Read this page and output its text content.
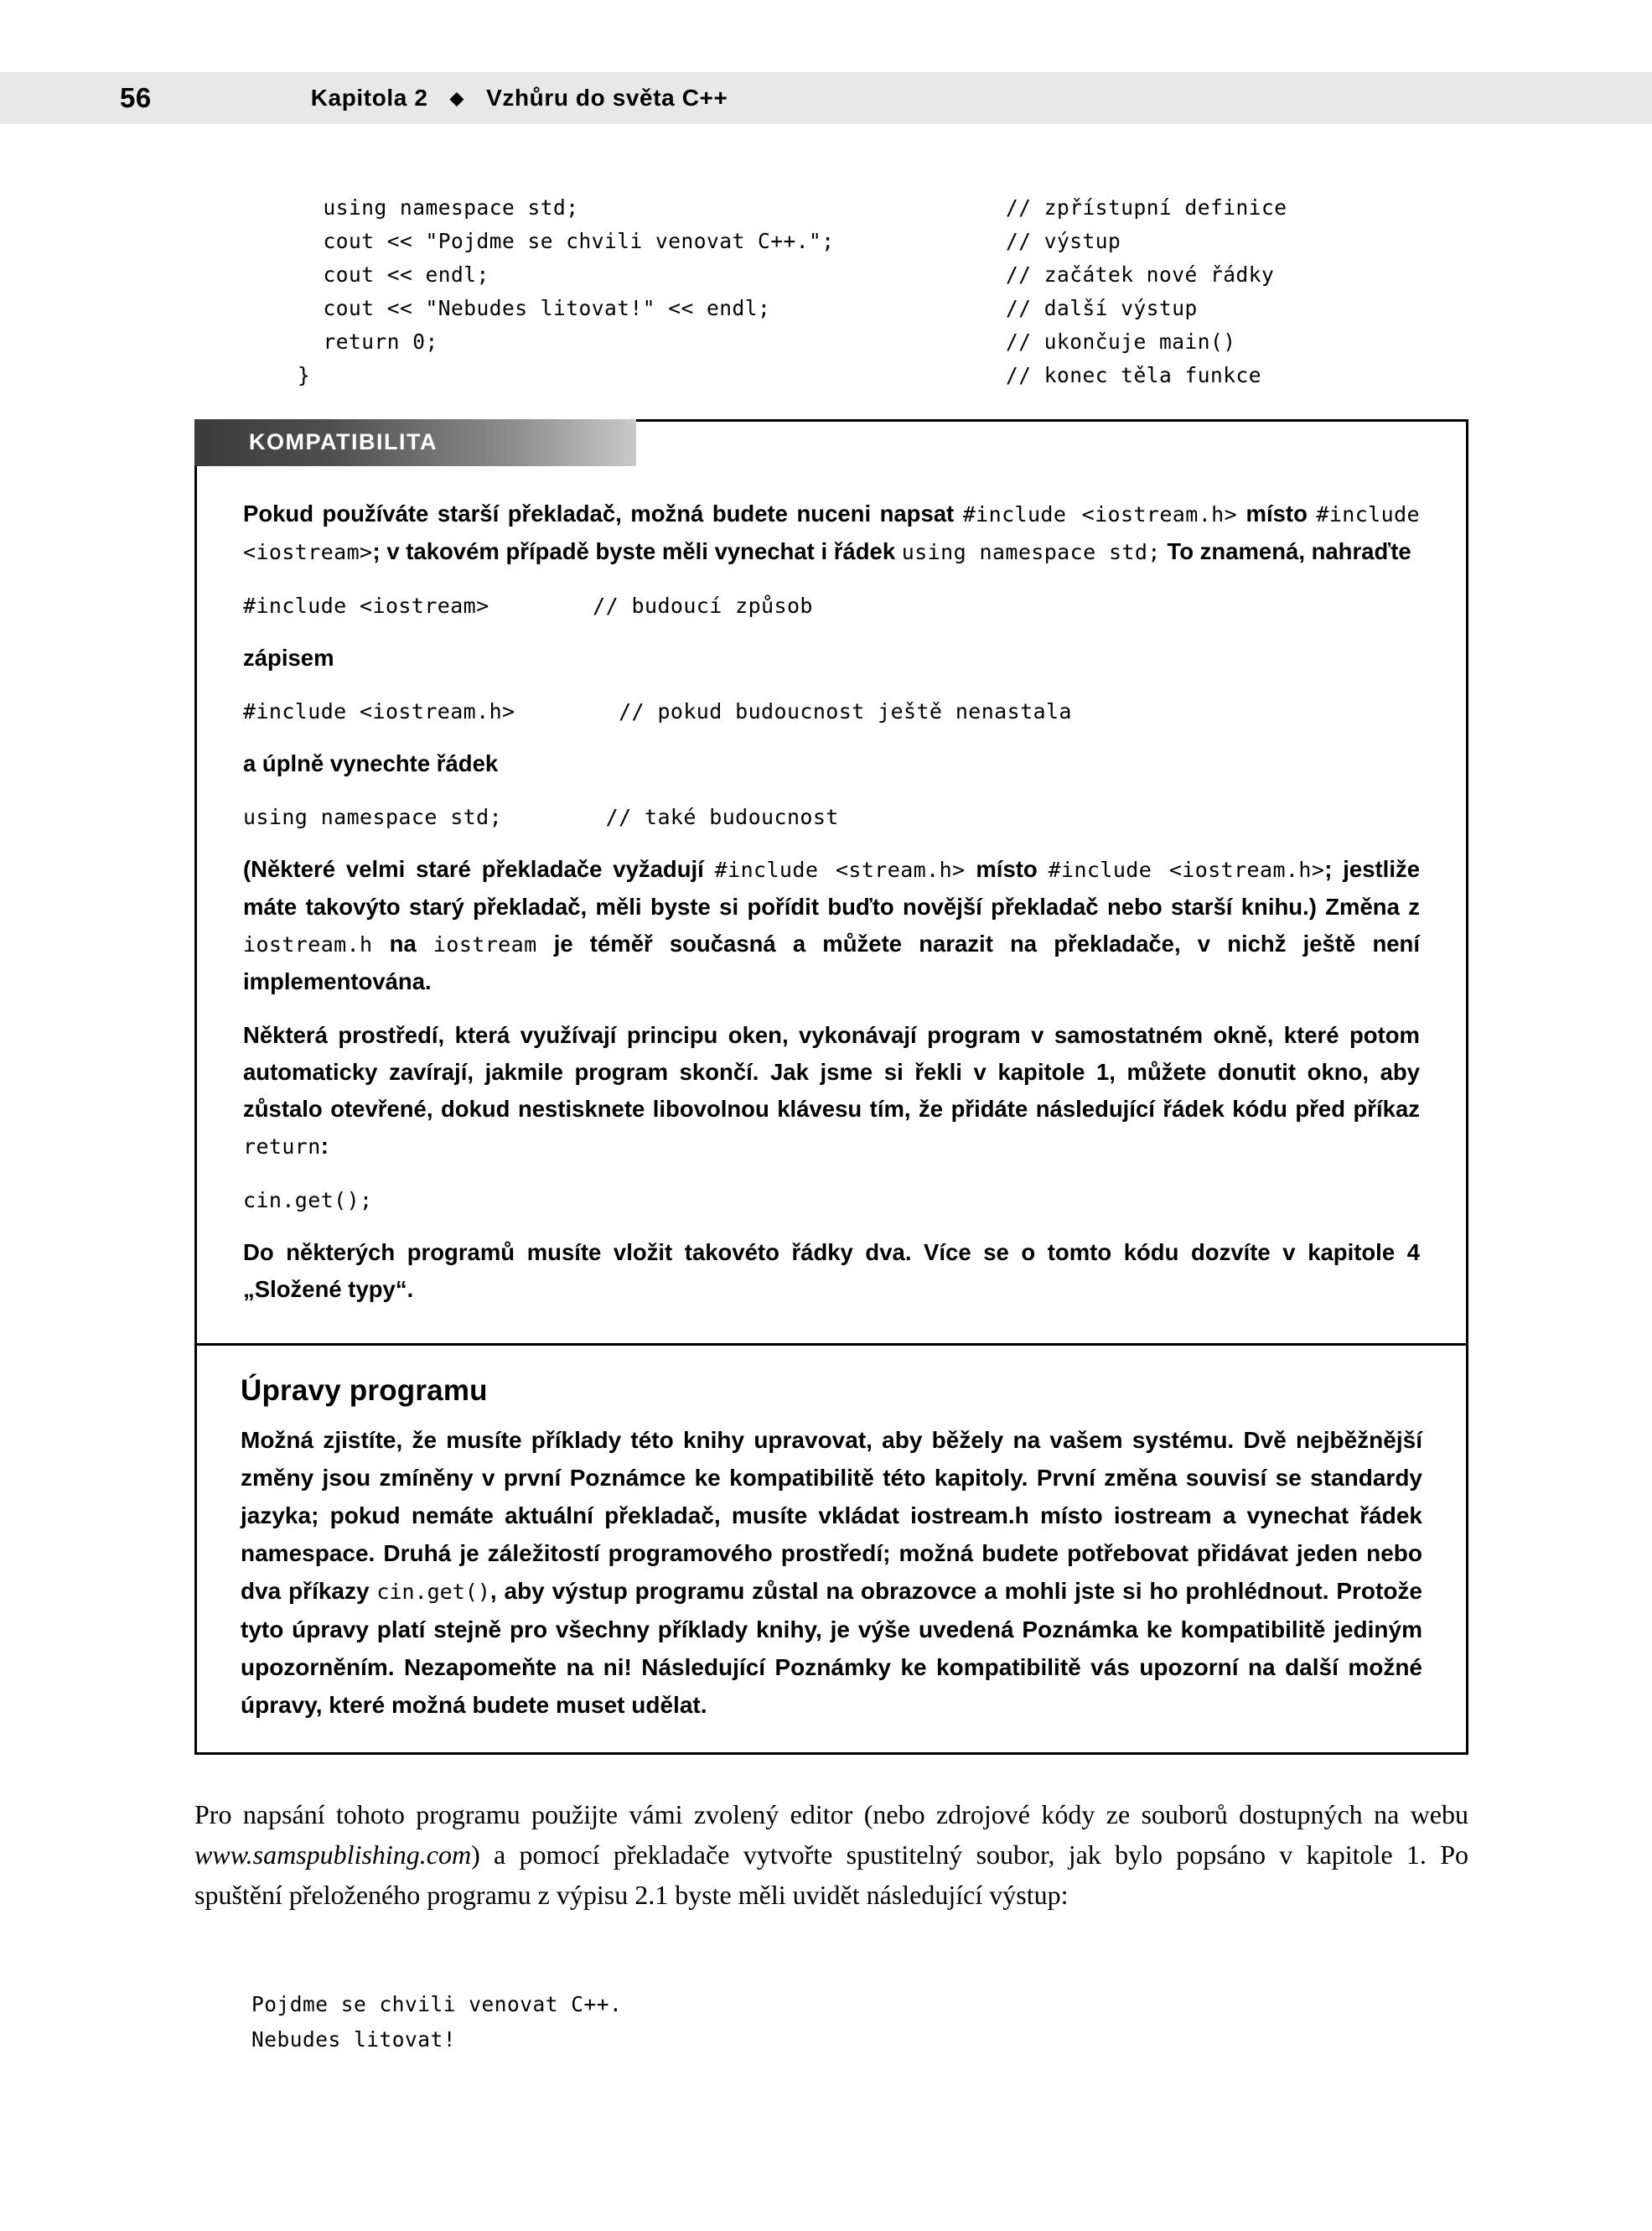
56	Kapitola 2 ◆ Vzhůru do světa C++
using namespace std;	// zpřístupní definice
cout << "Pojdme se chvili venovat C++.";	// výstup
cout << endl;	// začátek nové řádky
cout << "Nebudes litovat!" << endl;	// další výstup
return 0;	// ukončuje main()
}	// konec těla funkce
KOMPATIBILITA

Pokud používáte starší překladač, možná budete nuceni napsat #include <iostream.h> místo #include <iostream>; v takovém případě byste měli vynechat i řádek using namespace std; To znamená, nahraďte

#include <iostream>        // budoucí způsob

zápisem

#include <iostream.h>        // pokud budoucnost ještě nenastala

a úplně vynechte řádek

using namespace std;        // také budoucnost

(Některé velmi staré překladače vyžadují #include <stream.h> místo #include <iostream.h>; jestliže máte takovýto starý překladač, měli byste si pořídit buďto novější překladač nebo starší knihu.) Změna z iostream.h na iostream je téměř současná a můžete narazit na překladače, v nichž ještě není implementována.

Některá prostředí, která využívají principu oken, vykonávají program v samostatném okně, které potom automaticky zavírají, jakmile program skončí. Jak jsme si řekli v kapitole 1, můžete donutit okno, aby zůstalo otevřené, dokud nestisknete libovolnou klávesu tím, že přidáte následující řádek kódu před příkaz return:

cin.get();

Do některých programů musíte vložit takovéto řádky dva. Více se o tomto kódu dozvíte v kapitole 4 „Složené typy“.

Úpravy programu
Možná zjistíte, že musíte příklady této knihy upravovat, aby běžely na vašem systému. Dvě nejběžnější změny jsou zmíněny v první Poznámce ke kompatibilitě této kapitoly. První změna souvisí se standardy jazyka; pokud nemáte aktuální překladač, musíte vkládat iostream.h místo iostream a vynechat řádek namespace. Druhá je záležitostí programového prostředí; možná budete potřebovat přidávat jeden nebo dva příkazy cin.get(), aby výstup programu zůstal na obrazovce a mohli jste si ho prohlédnout. Protože tyto úpravy platí stejně pro všechny příklady knihy, je výše uvedená Poznámka ke kompatibilitě jediným upozorněním. Nezapomeňte na ni! Následující Poznámky ke kompatibilitě vás upozorní na další možné úpravy, které možná budete muset udělat.
Pro napsání tohoto programu použijte vámi zvolený editor (nebo zdrojové kódy ze souborů dostupných na webu www.samspublishing.com) a pomocí překladače vytvořte spustitelný soubor, jak bylo popsáno v kapitole 1. Po spuštění přeloženého programu z výpisu 2.1 byste měli uvidět následující výstup:
Pojdme se chvili venovat C++.
Nebudes litovat!
